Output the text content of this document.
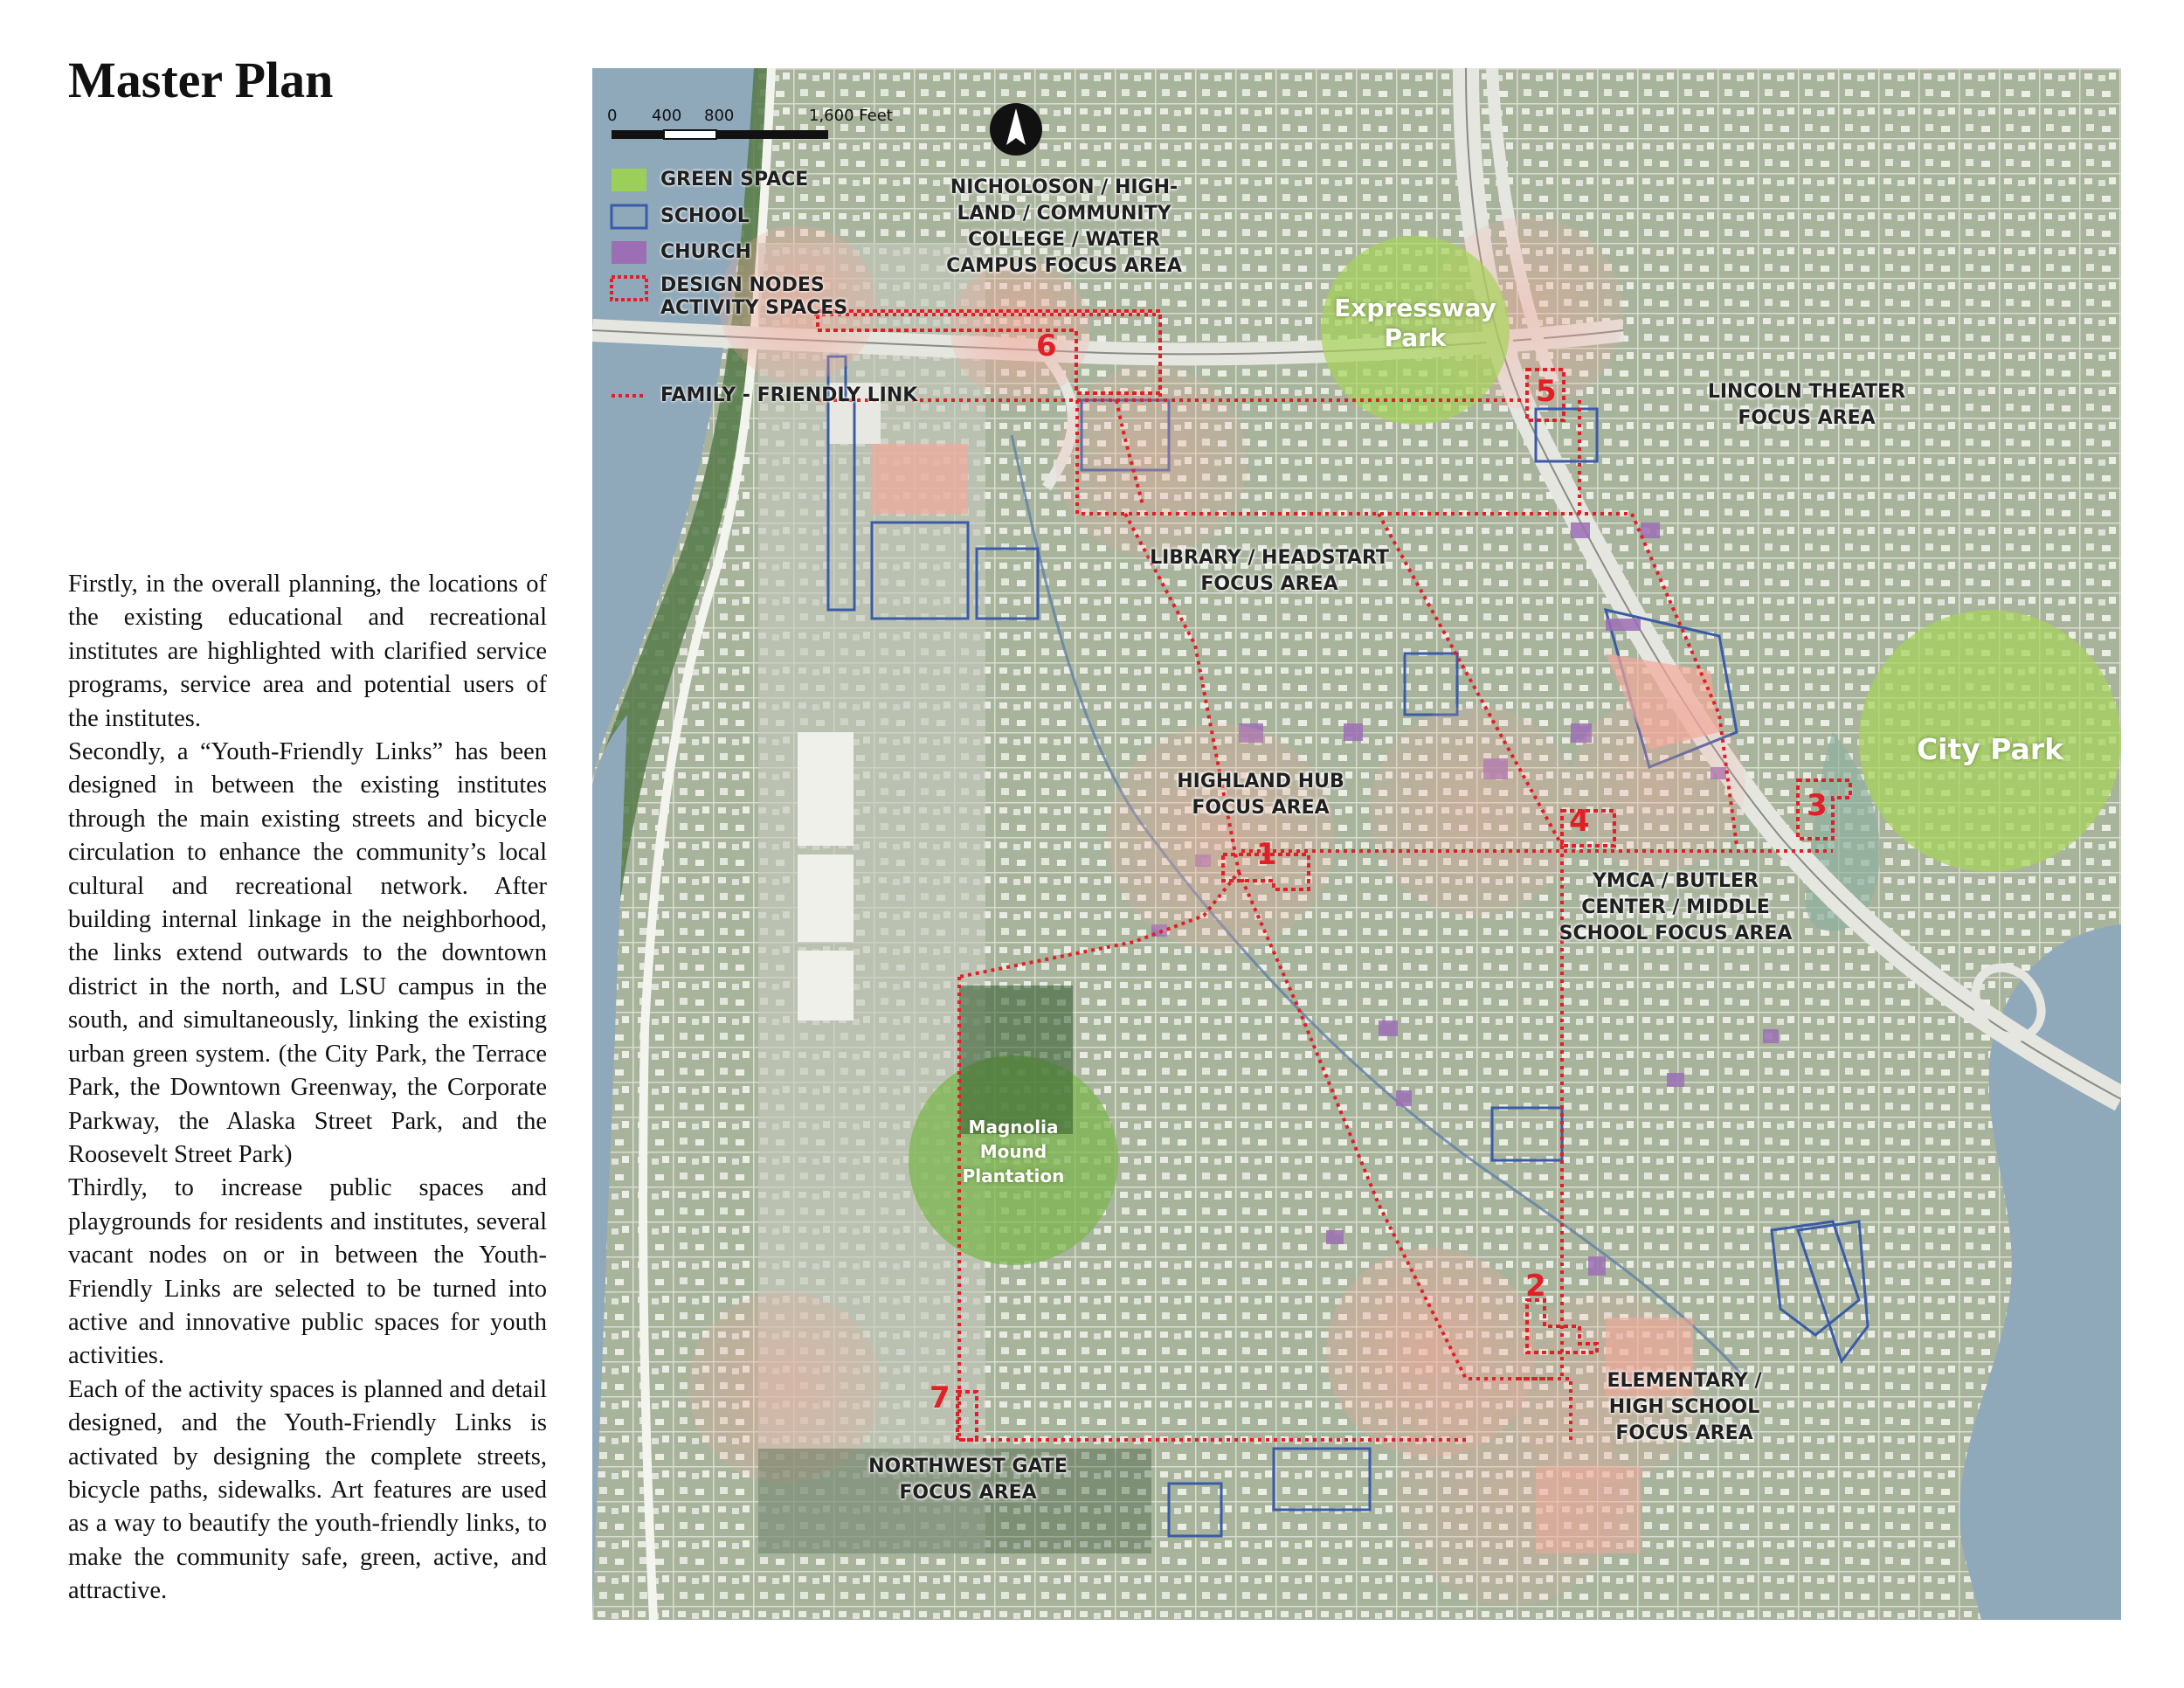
Master Plan

Firstly, in the overall planning, the locations of the existing educational and recreational institutes are highlighted with clarified service programs, service area and potential users of the institutes.

Secondly, a “Youth-Friendly Links” has been designed in between the existing institutes through the main existing streets and bicycle circulation to enhance the community’s local cultural and recreational network. After building internal linkage in the neighborhood, the links extend outwards to the downtown district in the north, and LSU campus in the south, and simultaneously, linking the existing urban green system. (the City Park, the Terrace Park, the Downtown Greenway, the Corporate Parkway, the Alaska Street Park, and the Roosevelt Street Park)

Thirdly, to increase public spaces and playgrounds for residents and institutes, several vacant nodes on or in between the Youth-Friendly Links are selected to be turned into active and innovative public spaces for youth activities.

Each of the activity spaces is planned and detail designed, and the Youth-Friendly Links is activated by designing the complete streets, bicycle paths, sidewalks. Art features are used as a way to beautify the youth-friendly links, to make the community safe, green, active, and attractive.

0 400 800	1,600 Feet
GREEN SPACE
SCHOOL
CHURCH
DESIGN NODES
ACTIVITY SPACES
FAMILY - FRIENDLY LINK
NICHOLOSON / HIGH-
LAND / COMMUNITY
COLLEGE / WATER
CAMPUS FOCUS AREA
LINCOLN THEATER
FOCUS AREA
LIBRARY / HEADSTART
FOCUS AREA
HIGHLAND HUB
FOCUS AREA
YMCA / BUTLER
CENTER / MIDDLE
SCHOOL FOCUS AREA
ELEMENTARY /
HIGH SCHOOL
FOCUS AREA
NORTHWEST GATE
FOCUS AREA
Expressway
Park
City Park
Magnolia
Mound
Plantation
1
2
3
4
5
6
7
